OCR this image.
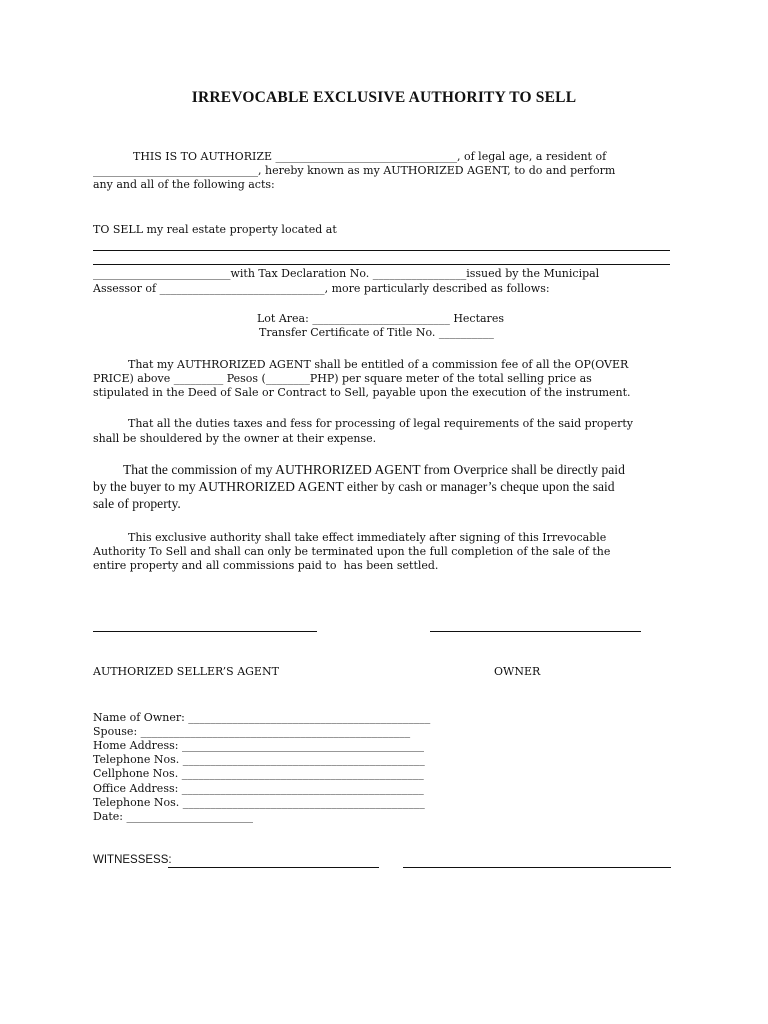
IRREVOCABLE EXCLUSIVE AUTHORITY TO SELL
THIS IS TO AUTHORIZE _________________________________, of legal age, a resident of
______________________________, hereby known as my AUTHORIZED AGENT, to do and perform
any and all of the following acts:
TO SELL my real estate property located at
_________________________with Tax Declaration No. _________________issued by the Municipal
Assessor of ______________________________, more particularly described as follows:
Lot Area: _________________________ Hectares
Transfer Certificate of Title No. __________
That my AUTHRORIZED AGENT shall be entitled of a commission fee of all the OP(OVER
PRICE) above _________ Pesos (________PHP) per square meter of the total selling price as
stipulated in the Deed of Sale or Contract to Sell, payable upon the execution of the instrument.
That all the duties taxes and fess for processing of legal requirements of the said property
shall be shouldered by the owner at their expense.
That the commission of my AUTHRORIZED AGENT from Overprice shall be directly paid
by the buyer to my AUTHRORIZED AGENT either by cash or manager’s cheque upon the said
sale of property.
This exclusive authority shall take effect immediately after signing of this Irrevocable
Authority To Sell and shall can only be terminated upon the full completion of the sale of the
entire property and all commissions paid to  has been settled.
AUTHORIZED SELLER’S AGENT	OWNER
Name of Owner: ____________________________________________
Spouse: _________________________________________________
Home Address: ____________________________________________
Telephone Nos. ____________________________________________
Cellphone Nos. ____________________________________________
Office Address: ____________________________________________
Telephone Nos. ____________________________________________
Date: _______________________
WITNESSESS:
